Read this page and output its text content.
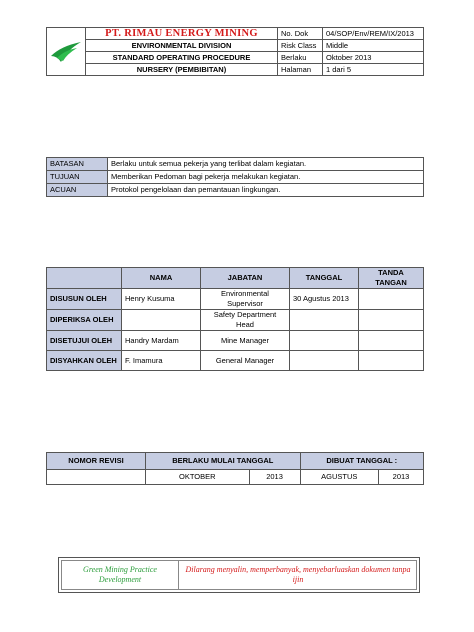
	PT. RIMAU ENERGY MINING	No. Dok	04/SOP/Env/REM/IX/2013
	ENVIRONMENTAL DIVISION	Risk Class	Middle
	STANDARD OPERATING PROCEDURE	Berlaku	Oktober 2013
	NURSERY (PEMBIBITAN)	Halaman	1 dari 5
BATASAN	Berlaku untuk semua pekerja yang terlibat dalam kegiatan.
TUJUAN	Memberikan Pedoman bagi pekerja melakukan kegiatan.
ACUAN	Protokol pengelolaan dan pemantauan lingkungan.
	NAMA	JABATAN	TANGGAL	TANDA TANGAN
DISUSUN OLEH	Henry Kusuma	Environmental Supervisor	30 Agustus 2013	
DIPERIKSA OLEH		Safety Department Head		
DISETUJUI OLEH	Handry Mardam	Mine Manager		
DISYAHKAN OLEH	F. Imamura	General Manager		
NOMOR REVISI	BERLAKU MULAI TANGGAL		DIBUAT TANGGAL :	
	OKTOBER	2013	AGUSTUS	2013
Green Mining Practice Development
Dilarang menyalin, memperbanyak, menyebarluaskan dokumen tanpa ijin
